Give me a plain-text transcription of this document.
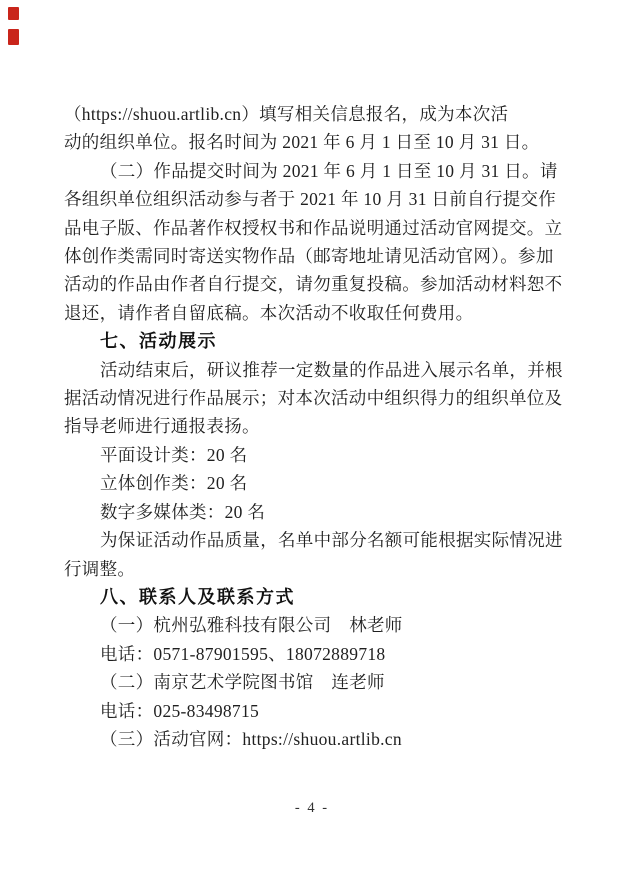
（https://shuou.artlib.cn）填写相关信息报名，成为本次活
动的组织单位。报名时间为 2021 年 6 月 1 日至 10 月 31 日。
（二）作品提交时间为 2021 年 6 月 1 日至 10 月 31 日。请
各组织单位组织活动参与者于 2021 年 10 月 31 日前自行提交作
品电子版、作品著作权授权书和作品说明通过活动官网提交。立
体创作类需同时寄送实物作品（邮寄地址请见活动官网）。参加
活动的作品由作者自行提交，请勿重复投稿。参加活动材料恕不
退还，请作者自留底稿。本次活动不收取任何费用。
七、活动展示
活动结束后，研议推荐一定数量的作品进入展示名单，并根
据活动情况进行作品展示；对本次活动中组织得力的组织单位及
指导老师进行通报表扬。
平面设计类：20 名
立体创作类：20 名
数字多媒体类：20 名
为保证活动作品质量，名单中部分名额可能根据实际情况进
行调整。
八、联系人及联系方式
（一）杭州弘雅科技有限公司　林老师
电话：0571-87901595、18072889718
（二）南京艺术学院图书馆　连老师
电话：025-83498715
（三）活动官网：https://shuou.artlib.cn
- 4 -
